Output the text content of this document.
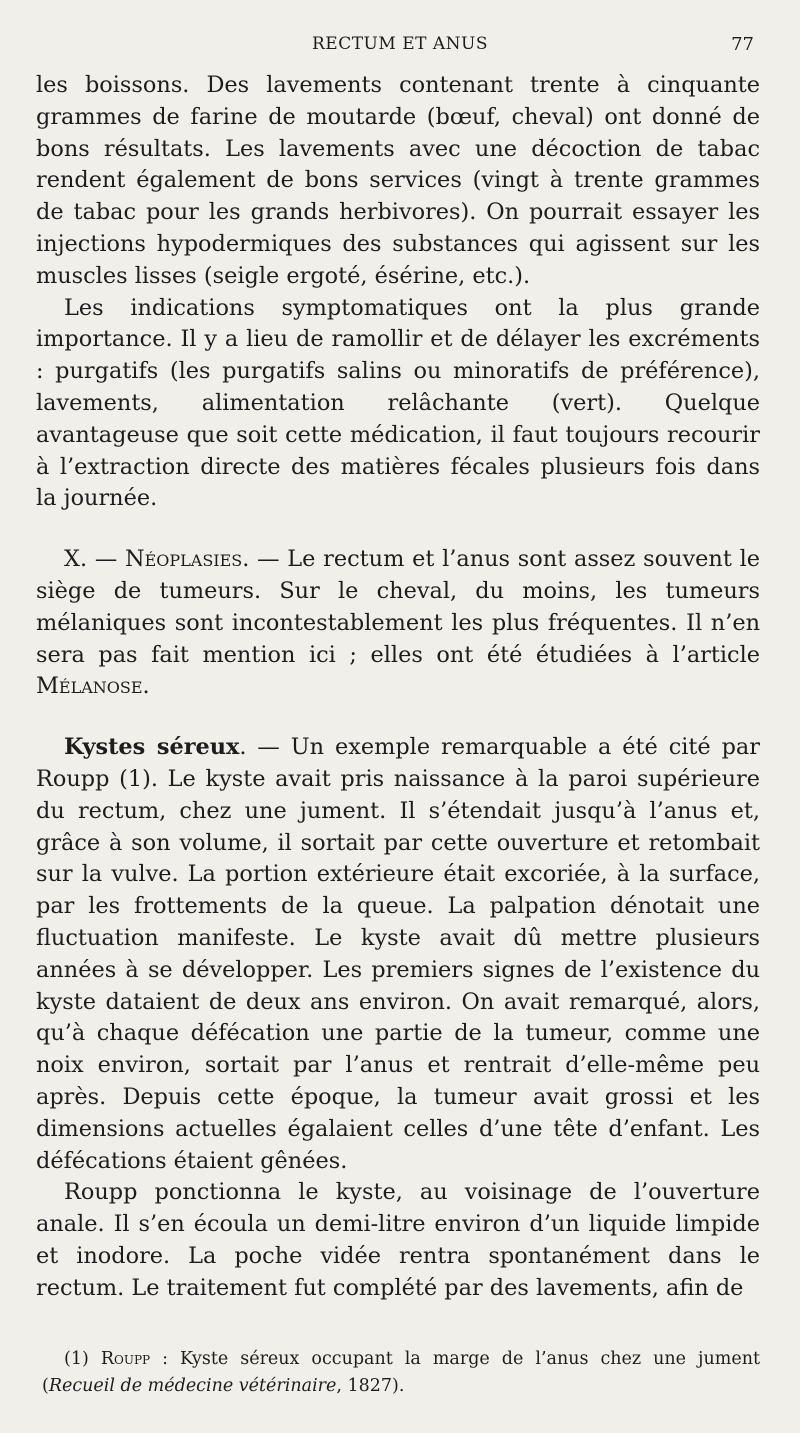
RECTUM ET ANUS	77

les boissons. Des lavements contenant trente à cinquante grammes de farine de moutarde (bœuf, cheval) ont donné de bons résultats. Les lavements avec une décoction de tabac rendent également de bons services (vingt à trente grammes de tabac pour les grands herbivores). On pourrait essayer les injections hypodermiques des substances qui agissent sur les muscles lisses (seigle ergoté, ésérine, etc.).

Les indications symptomatiques ont la plus grande importance. Il y a lieu de ramollir et de délayer les excréments : purgatifs (les purgatifs salins ou minoratifs de préférence), lavements, alimentation relâchante (vert). Quelque avantageuse que soit cette médication, il faut toujours recourir à l’extraction directe des matières fécales plusieurs fois dans la journée.

X. — Néoplasies. — Le rectum et l’anus sont assez souvent le siège de tumeurs. Sur le cheval, du moins, les tumeurs mélaniques sont incontestablement les plus fréquentes. Il n’en sera pas fait mention ici ; elles ont été étudiées à l’article Mélanose.

Kystes séreux. — Un exemple remarquable a été cité par Roupp (1). Le kyste avait pris naissance à la paroi supérieure du rectum, chez une jument. Il s’étendait jusqu’à l’anus et, grâce à son volume, il sortait par cette ouverture et retombait sur la vulve. La portion extérieure était excoriée, à la surface, par les frottements de la queue. La palpation dénotait une fluctuation manifeste. Le kyste avait dû mettre plusieurs années à se développer. Les premiers signes de l’existence du kyste dataient de deux ans environ. On avait remarqué, alors, qu’à chaque défécation une partie de la tumeur, comme une noix environ, sortait par l’anus et rentrait d’elle-même peu après. Depuis cette époque, la tumeur avait grossi et les dimensions actuelles égalaient celles d’une tête d’enfant. Les défécations étaient gênées.

Roupp ponctionna le kyste, au voisinage de l’ouverture anale. Il s’en écoula un demi-litre environ d’un liquide limpide et inodore. La poche vidée rentra spontanément dans le rectum. Le traitement fut complété par des lavements, afin de

(1) Roupp : Kyste séreux occupant la marge de l’anus chez une jument (Recueil de médecine vétérinaire, 1827).
